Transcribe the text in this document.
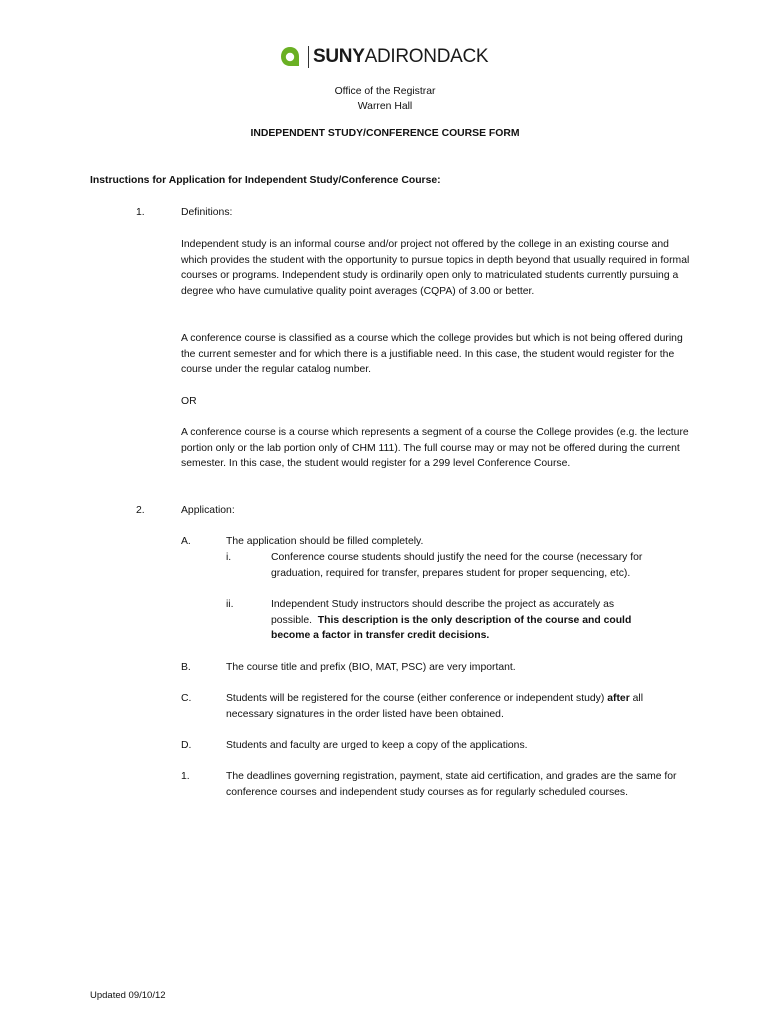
SUNYADIRONDACK
Office of the Registrar
Warren Hall
INDEPENDENT STUDY/CONFERENCE COURSE FORM
Instructions for Application for Independent Study/Conference Course:
1.	Definitions:
Independent study is an informal course and/or project not offered by the college in an existing course and which provides the student with the opportunity to pursue topics in depth beyond that usually required in formal courses or programs. Independent study is ordinarily open only to matriculated students currently pursuing a degree who have cumulative quality point averages (CQPA) of 3.00 or better.
A conference course is classified as a course which the college provides but which is not being offered during the current semester and for which there is a justifiable need. In this case, the student would register for the course under the regular catalog number.
OR
A conference course is a course which represents a segment of a course the College provides (e.g. the lecture portion only or the lab portion only of CHM 111). The full course may or may not be offered during the current semester. In this case, the student would register for a 299 level Conference Course.
2.	Application:
A.	The application should be filled completely.
i.	Conference course students should justify the need for the course (necessary for graduation, required for transfer, prepares student for proper sequencing, etc).
ii.	Independent Study instructors should describe the project as accurately as possible. This description is the only description of the course and could become a factor in transfer credit decisions.
B.	The course title and prefix (BIO, MAT, PSC) are very important.
C.	Students will be registered for the course (either conference or independent study) after all necessary signatures in the order listed have been obtained.
D.	Students and faculty are urged to keep a copy of the applications.
1.	The deadlines governing registration, payment, state aid certification, and grades are the same for conference courses and independent study courses as for regularly scheduled courses.
Updated 09/10/12
